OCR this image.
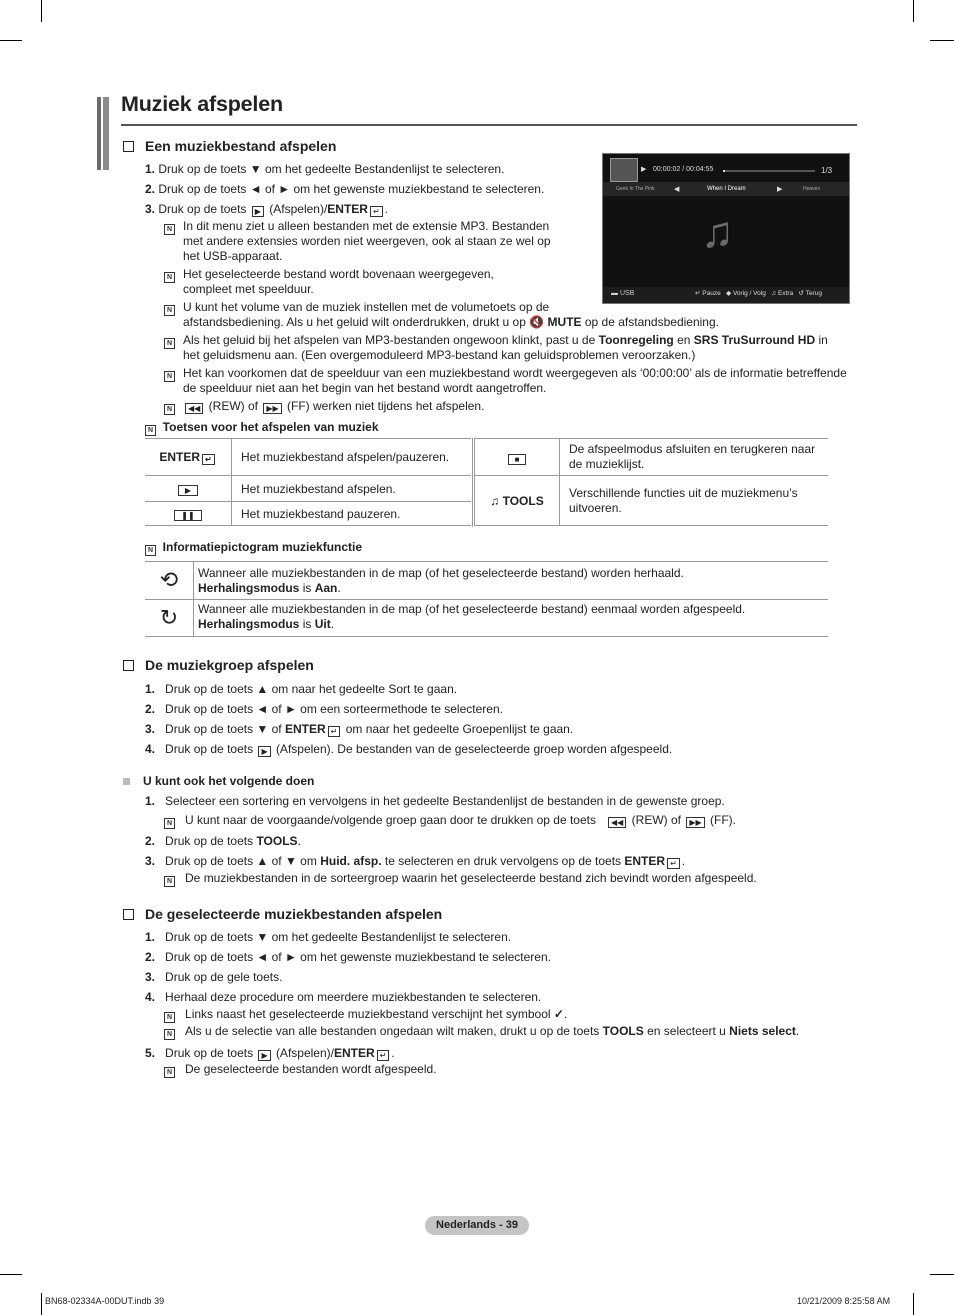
Muziek afspelen
Een muziekbestand afspelen
1. Druk op de toets ▼ om het gedeelte Bestandenlijst te selecteren.
2. Druk op de toets ◄ of ► om het gewenste muziekbestand te selecteren.
3. Druk op de toets ▶ (Afspelen)/ENTER ↵ .
N In dit menu ziet u alleen bestanden met de extensie MP3. Bestanden
met andere extensies worden niet weergeven, ook al staan ze wel op
het USB-apparaat.
N Het geselecteerde bestand wordt bovenaan weergegeven,
compleet met speelduur.
N U kunt het volume van de muziek instellen met de volumetoets op de
afstandsbediening. Als u het geluid wilt onderdrukken, drukt u op 🔇 MUTE op de afstandsbediening.
N Als het geluid bij het afspelen van MP3-bestanden ongewoon klinkt, past u de Toonregeling en SRS TruSurround HD in
het geluidsmenu aan. (Een overgemoduleerd MP3-bestand kan geluidsproblemen veroorzaken.)
N Het kan voorkomen dat de speelduur van een muziekbestand wordt weergegeven als ‘00:00:00’ als de informatie betreffende
de speelduur niet aan het begin van het bestand wordt aangetroffen.
N	◀◀ (REW) of ▶▶ (FF) werken niet tijdens het afspelen.
▶ 00:00:02 / 00:04:55	1/3
Geek In The Pink	◀	When I Dream	▶	Heaven
♫
▬ USB	↵ Pauze ◆ Vorig / Volg ♫ Extra ↺ Terug
N Toetsen voor het afspelen van muziek
ENTER ↵	Het muziekbestand afspelen/pauzeren.
▶	Het muziekbestand afspelen.
❚❚	Het muziekbestand pauzeren.
■	De afspeelmodus afsluiten en terugkeren naar de muzieklijst.
♫ TOOLS	Verschillende functies uit de muziekmenu’s uitvoeren.
N Informatiepictogram muziekfunctie
⟲	Wanneer alle muziekbestanden in de map (of het geselecteerde bestand) worden herhaald.
Herhalingsmodus is Aan.
↻	Wanneer alle muziekbestanden in de map (of het geselecteerde bestand) eenmaal worden afgespeeld.
Herhalingsmodus is Uit.
De muziekgroep afspelen
1. Druk op de toets ▲ om naar het gedeelte Sort te gaan.
2. Druk op de toets ◄ of ► om een sorteermethode te selecteren.
3. Druk op de toets ▼ of ENTER ↵ om naar het gedeelte Groepenlijst te gaan.
4. Druk op de toets ▶ (Afspelen). De bestanden van de geselecteerde groep worden afgespeeld.
U kunt ook het volgende doen
1. Selecteer een sortering en vervolgens in het gedeelte Bestandenlijst de bestanden in de gewenste groep.
N U kunt naar de voorgaande/volgende groep gaan door te drukken op de toets ◀◀ (REW) of ▶▶ (FF).
2. Druk op de toets TOOLS.
3. Druk op de toets ▲ of ▼ om Huid. afsp. te selecteren en druk vervolgens op de toets ENTER ↵ .
N De muziekbestanden in de sorteergroep waarin het geselecteerde bestand zich bevindt worden afgespeeld.
De geselecteerde muziekbestanden afspelen
1. Druk op de toets ▼ om het gedeelte Bestandenlijst te selecteren.
2. Druk op de toets ◄ of ► om het gewenste muziekbestand te selecteren.
3. Druk op de gele toets.
4. Herhaal deze procedure om meerdere muziekbestanden te selecteren.
N Links naast het geselecteerde muziekbestand verschijnt het symbool ✓.
N Als u de selectie van alle bestanden ongedaan wilt maken, drukt u op de toets TOOLS en selecteert u Niets select.
5. Druk op de toets ▶ (Afspelen)/ENTER ↵ .
N De geselecteerde bestanden wordt afgespeeld.
Nederlands - 39
BN68-02334A-00DUT.indb 39	10/21/2009 8:25:58 AM
